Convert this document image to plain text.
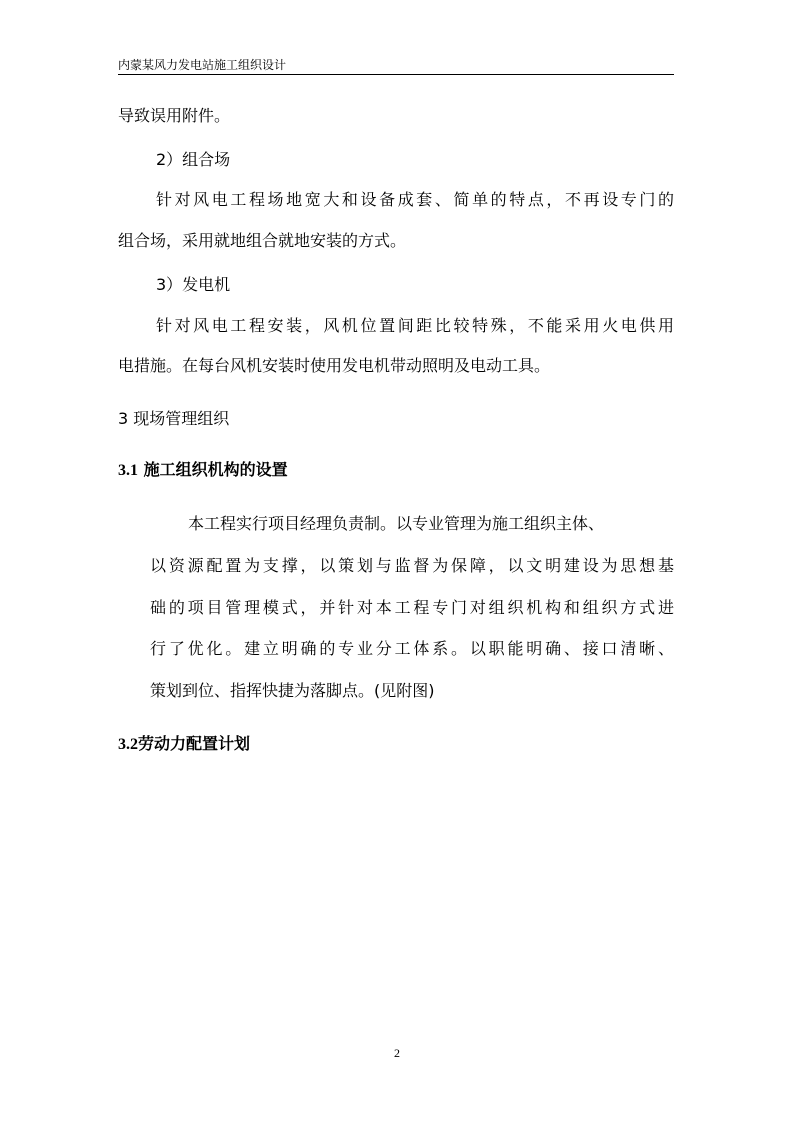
内蒙某风力发电站施工组织设计
导致误用附件。
2）组合场
针对风电工程场地宽大和设备成套、简单的特点，不再设专门的
组合场，采用就地组合就地安装的方式。
3）发电机
针对风电工程安装，风机位置间距比较特殊，不能采用火电供用
电措施。在每台风机安装时使用发电机带动照明及电动工具。
3 现场管理组织
3.1 施工组织机构的设置
本工程实行项目经理负责制。以专业管理为施工组织主体、
以资源配置为支撑，以策划与监督为保障，以文明建设为思想基
础的项目管理模式，并针对本工程专门对组织机构和组织方式进
行了优化。建立明确的专业分工体系。以职能明确、接口清晰、
策划到位、指挥快捷为落脚点。(见附图)
3.2劳动力配置计划
2
